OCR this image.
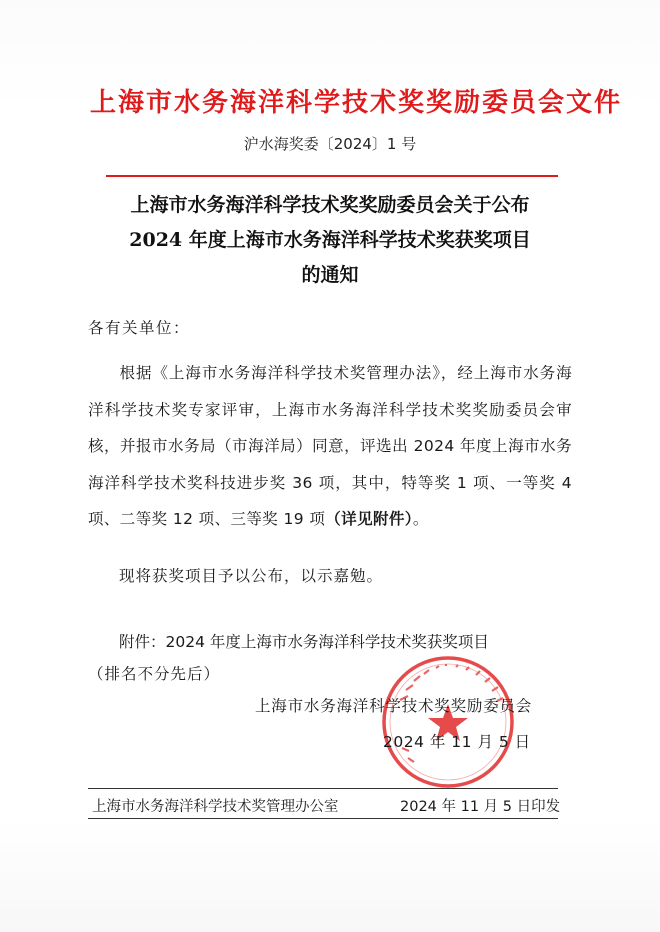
上海市水务海洋科学技术奖奖励委员会文件
沪水海奖委〔2024〕1 号
上海市水务海洋科学技术奖奖励委员会关于公布
2024 年度上海市水务海洋科学技术奖获奖项目
的通知
各有关单位：
根据《上海市水务海洋科学技术奖管理办法》，经上海市水务海洋科学技术奖专家评审，上海市水务海洋科学技术奖奖励委员会审核，并报市水务局（市海洋局）同意，评选出 2024 年度上海市水务海洋科学技术奖科技进步奖 36 项，其中，特等奖 1 项、一等奖 4 项、二等奖 12 项、三等奖 19 项（详见附件）。
现将获奖项目予以公布，以示嘉勉。
附件：2024 年度上海市水务海洋科学技术奖获奖项目
（排名不分先后）
上海市水务海洋科学技术奖奖励委员会
2024 年 11 月 5 日
上海市水务海洋科学技术奖管理办公室	2024 年 11 月 5 日印发
